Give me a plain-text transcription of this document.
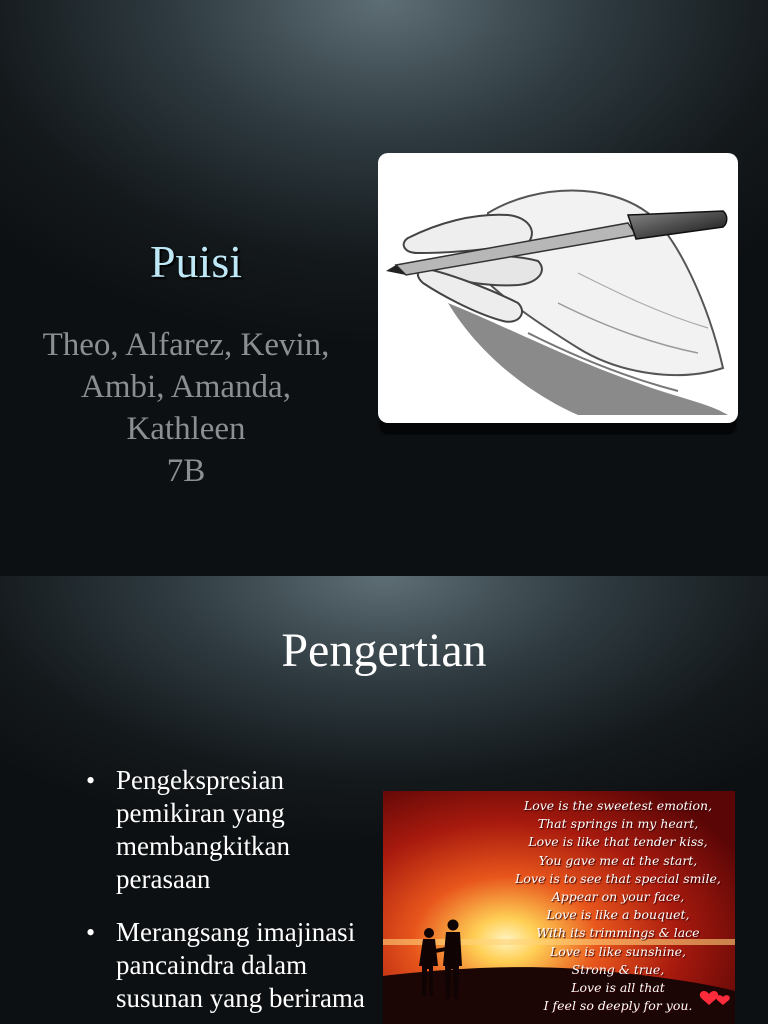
Puisi
Theo, Alfarez, Kevin,
Ambi, Amanda,
Kathleen
7B
Pengertian
• Pengekspresian pemikiran yang membangkitkan perasaan
• Merangsang imajinasi pancaindra dalam susunan yang berirama
Love is the sweetest emotion,
That springs in my heart,
Love is like that tender kiss,
You gave me at the start,
Love is to see that special smile,
Appear on your face,
Love is like a bouquet,
With its trimmings & lace
Love is like sunshine,
Strong & true,
Love is all that
I feel so deeply for you.
